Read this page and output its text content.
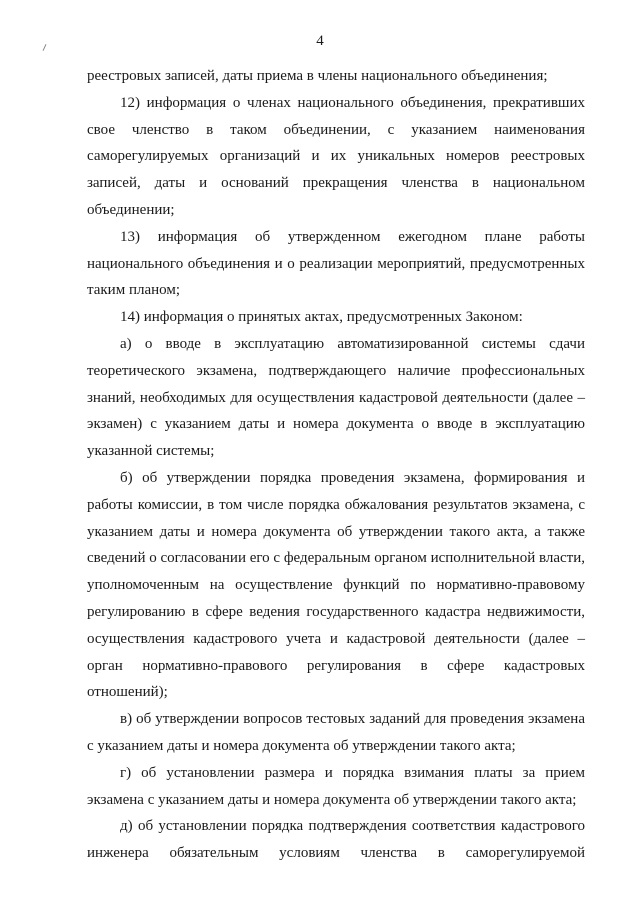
4

реестровых записей, даты приема в члены национального объединения;

12) информация о членах национального объединения, прекративших свое членство в таком объединении, с указанием наименования саморегулируемых организаций и их уникальных номеров реестровых записей, даты и оснований прекращения членства в национальном объединении;

13) информация об утвержденном ежегодном плане работы национального объединения и о реализации мероприятий, предусмотренных таким планом;

14) информация о принятых актах, предусмотренных Законом:

а) о вводе в эксплуатацию автоматизированной системы сдачи теоретического экзамена, подтверждающего наличие профессиональных знаний, необходимых для осуществления кадастровой деятельности (далее – экзамен) с указанием даты и номера документа о вводе в эксплуатацию указанной системы;

б) об утверждении порядка проведения экзамена, формирования и работы комиссии, в том числе порядка обжалования результатов экзамена, с указанием даты и номера документа об утверждении такого акта, а также сведений о согласовании его с федеральным органом исполнительной власти, уполномоченным на осуществление функций по нормативно-правовому регулированию в сфере ведения государственного кадастра недвижимости, осуществления кадастрового учета и кадастровой деятельности (далее – орган нормативно-правового регулирования в сфере кадастровых отношений);

в) об утверждении вопросов тестовых заданий для проведения экзамена с указанием даты и номера документа об утверждении такого акта;

г) об установлении размера и порядка взимания платы за прием экзамена с указанием даты и номера документа об утверждении такого акта;

д) об установлении порядка подтверждения соответствия кадастрового инженера обязательным условиям членства в саморегулируемой
